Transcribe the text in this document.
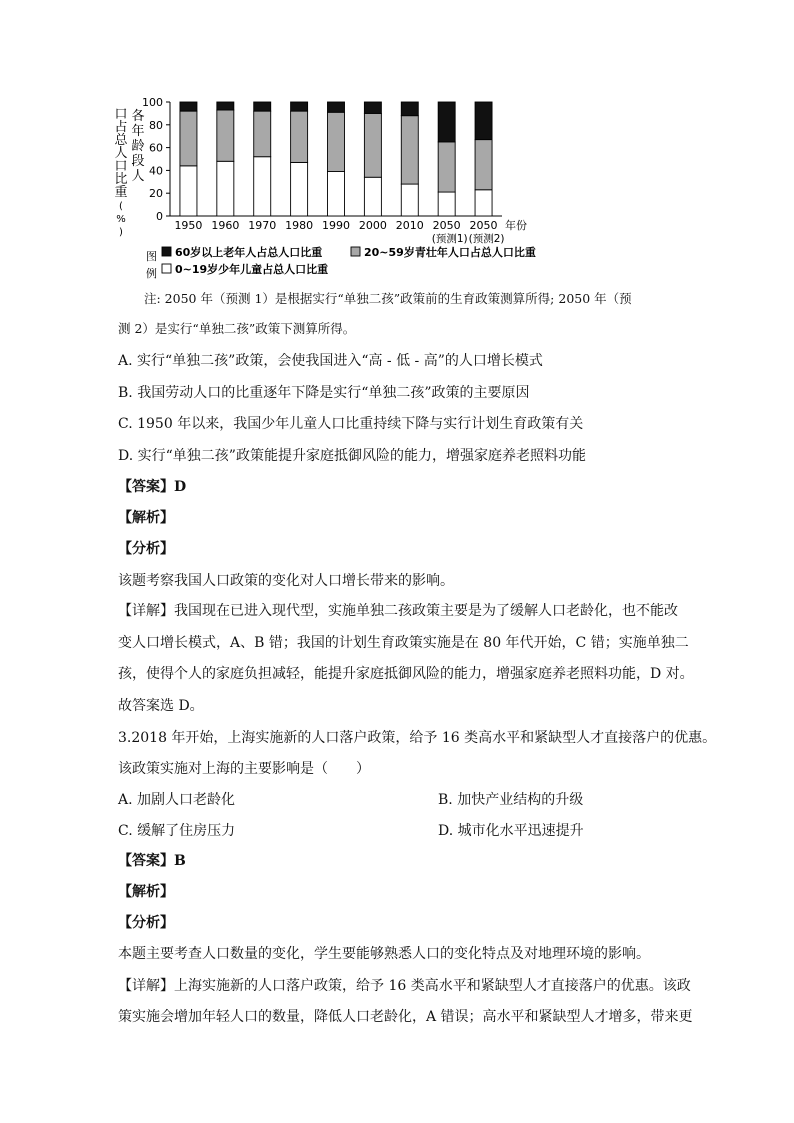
0
20
40
60
80
100
各
年
龄
段
人
口
占
总
人
口
比
重
(
%
)
1950 1960 1970 1980 1990 2000 2010 2050
(预测1)
2050
(预测2)
年份
图
例
60岁以上老年人占总人口比重	20~59岁青壮年人口占总人口比重
0~19岁少年儿童占总人口比重
注: 2050 年（预测 1）是根据实行“单独二孩”政策前的生育政策测算所得; 2050 年（预
测 2）是实行“单独二孩”政策下测算所得。
A. 实行“单独二孩”政策，会使我国进入“高 - 低 - 高”的人口增长模式
B. 我国劳动人口的比重逐年下降是实行“单独二孩”政策的主要原因
C. 1950 年以来，我国少年儿童人口比重持续下降与实行计划生育政策有关
D. 实行“单独二孩”政策能提升家庭抵御风险的能力，增强家庭养老照料功能
【答案】D
【解析】
【分析】
该题考察我国人口政策的变化对人口增长带来的影响。
【详解】我国现在已进入现代型，实施单独二孩政策主要是为了缓解人口老龄化，也不能改
变人口增长模式，A、B 错；我国的计划生育政策实施是在 80 年代开始，C 错；实施单独二
孩，使得个人的家庭负担减轻，能提升家庭抵御风险的能力，增强家庭养老照料功能，D 对。
故答案选 D。
3.2018 年开始，上海实施新的人口落户政策，给予 16 类高水平和紧缺型人才直接落户的优惠。
该政策实施对上海的主要影响是（　　）
A. 加剧人口老龄化	B. 加快产业结构的升级
C. 缓解了住房压力	D. 城市化水平迅速提升
【答案】B
【解析】
【分析】
本题主要考查人口数量的变化，学生要能够熟悉人口的变化特点及对地理环境的影响。
【详解】上海实施新的人口落户政策，给予 16 类高水平和紧缺型人才直接落户的优惠。该政
策实施会增加年轻人口的数量，降低人口老龄化，A 错误；高水平和紧缺型人才增多，带来更
